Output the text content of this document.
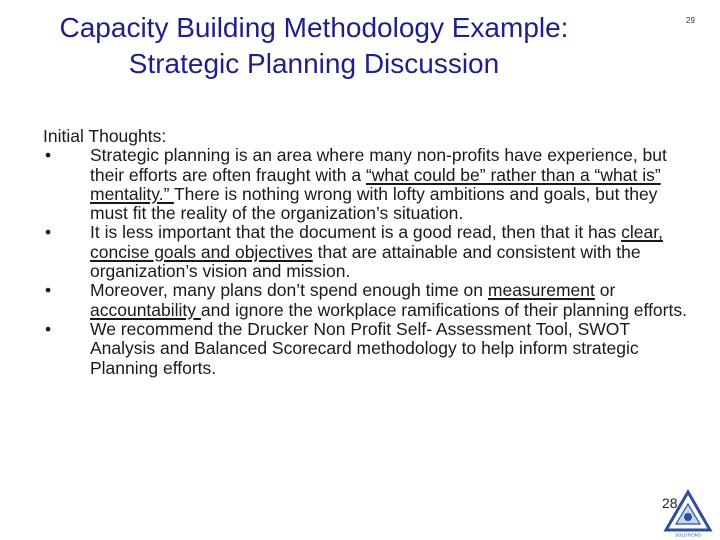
Capacity Building Methodology Example:
Strategic Planning Discussion
29

Initial Thoughts:

•	Strategic planning is an area where many non-profits have experience, but their efforts are often fraught with a “what could be” rather than a “what is” mentality.” There is nothing wrong with lofty ambitions and goals, but they must fit the reality of the organization’s situation.
•	It is less important that the document is a good read, then that it has clear, concise goals and objectives that are attainable and consistent with the organization’s vision and mission.
•	Moreover, many plans don’t spend enough time on measurement or accountability and ignore the workplace ramifications of their planning efforts.
•	We recommend the Drucker Non Profit Self- Assessment Tool, SWOT Analysis and Balanced Scorecard methodology to help inform strategic Planning efforts.
SOLUTIONS
28
